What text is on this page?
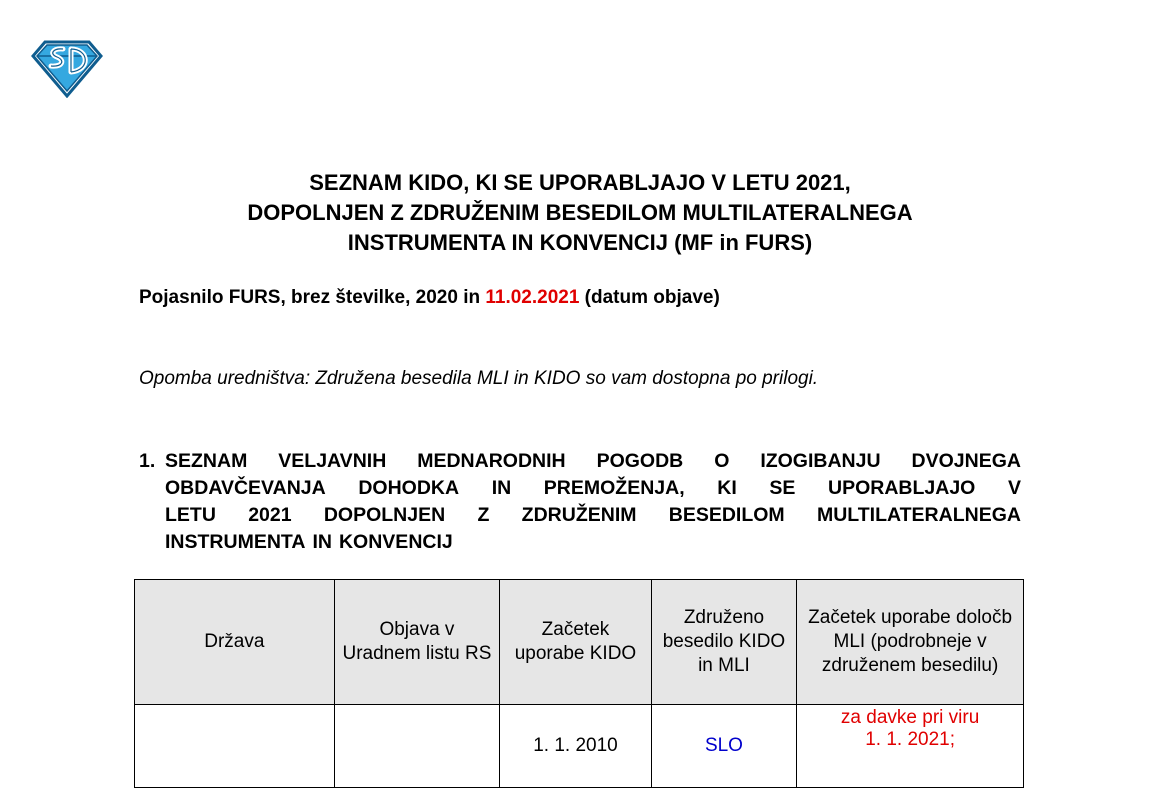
SEZNAM KIDO, KI SE UPORABLJAJO V LETU 2021,
DOPOLNJEN Z ZDRUŽENIM BESEDILOM MULTILATERALNEGA
INSTRUMENTA IN KONVENCIJ (MF in FURS)
Pojasnilo FURS, brez številke, 2020 in 11.02.2021 (datum objave)
Opomba uredništva: Združena besedila MLI in KIDO so vam dostopna po prilogi.
1. SEZNAM VELJAVNIH MEDNARODNIH POGODB O IZOGIBANJU DVOJNEGA
OBDAVČEVANJA DOHODKA IN PREMOŽENJA, KI SE UPORABLJAJO V
LETU 2021 DOPOLNJEN Z ZDRUŽENIM BESEDILOM MULTILATERALNEGA
INSTRUMENTA IN KONVENCIJ
Država	Objava v Uradnem listu RS	Začetek uporabe KIDO	Združeno besedilo KIDO in MLI	Začetek uporabe določb MLI (podrobneje v združenem besedilu)

		1. 1. 2010	SLO	za davke pri viru
1. 1. 2021;
